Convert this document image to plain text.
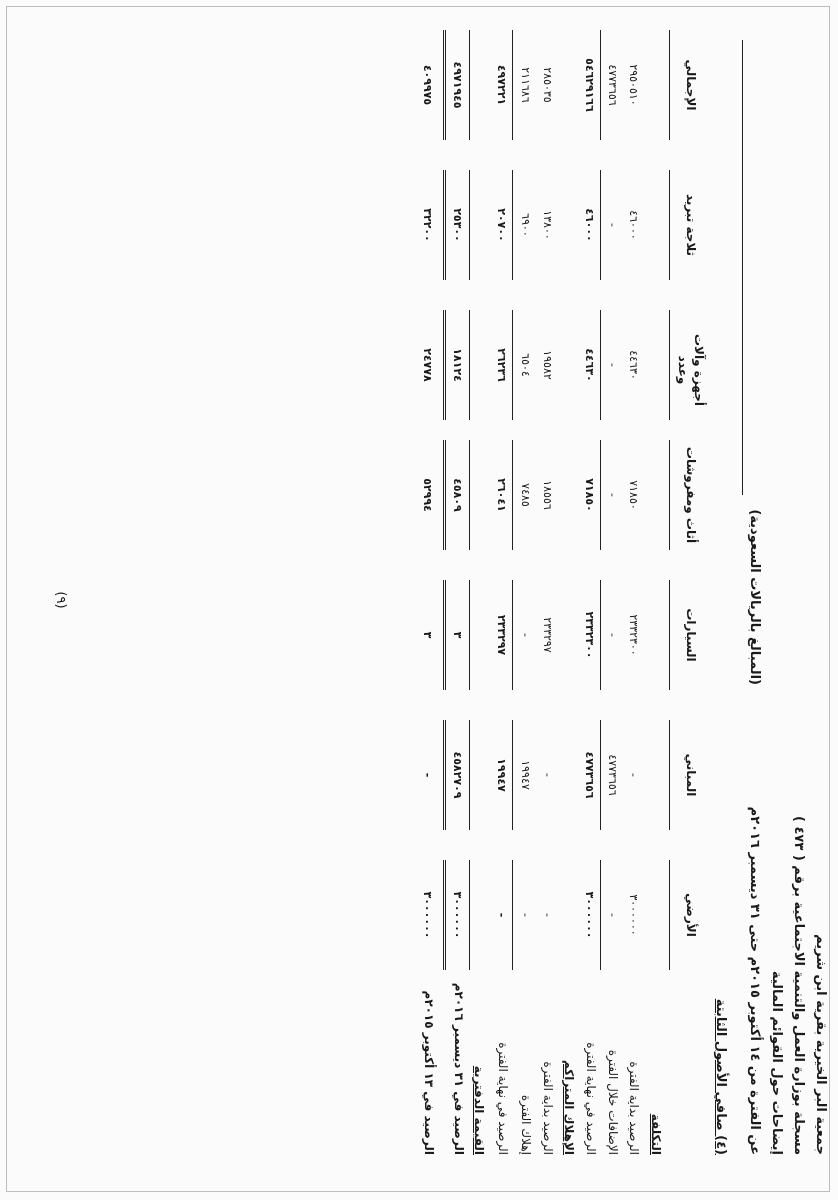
جمعية البر الخيرية بقرية ابن شريم
مسجلة بوزارة العمل والتنمية الاجتماعية برقم ( ٤٧٣ )
إيضاحات حول القوائم المالية
عن الفترة من ١٤ أكتوبر ٢٠١٥م حتى ٣١ ديسمبر ٢٠١٦م
(المبالغ بالريالات السعودية)
(٤) صافي الأصول الثابتة
الأرضي
المباني
السيارات
أثاث ومفروشات
أجهزة وآلات وعدد
ثلاجة تبريد
الإجمالي
التكلفة
الرصيد بداية الفترة
٣٠٠٠٠٠٠
-
٢٣٣٢٣٠٠
٧١٨٥٠
٤٤٦٣٠
٤٦٠٠٠
٢٩٥٠٥١٠
الإضافات خلال الفترة
-
٤٧٧٣٦٥٦
-
-
-
-
٤٧٧٣٦٥٦
الرصيد في نهاية الفترة
٣٠٠٠٠٠٠
٤٧٧٣٦٥٦
٢٣٣٢٣٠٠
٧١٨٥٠
٤٤٦٣٠
٤٦٠٠٠
٥٤٦٢٩١٦٦
الإهلاك المتراكم
الرصيد بداية الفترة
-
-
٢٣٣٢٩٧
١٨٥٥٦
١٩٥٨٢
١٣٨٠٠
٢٨٥٠٣٥
إهلاك الفترة
-
١٩٩٤٧
-
٧٤٨٥
٦٥٠٤
٦٩٠٠
٢١١٦٨٦
الرصيد في نهاية الفترة
-
١٩٩٤٧
٢٣٣٢٩٧
٢٦٠٤١
٢٦٢٣٦
٢٠٧٠٠
٤٩٧٢٢١
القيمة الدفترية
الرصيد في ٣١ ديسمبر ٢٠١٦م
٣٠٠٠٠٠٠
٤٥٨٢٧٠٩
٣
٤٥٨٠٩
١٨١٢٤
٢٥٣٠٠
٤٩٧١٩٤٥
الرصيد في ١٣ أكتوبر ٢٠١٥م
٣٠٠٠٠٠٠
-
٣
٥٢٩٩٤
٢٤٧٧٨
٣٢٢٠٠
٤٠٩٩٧٥
(٩)
